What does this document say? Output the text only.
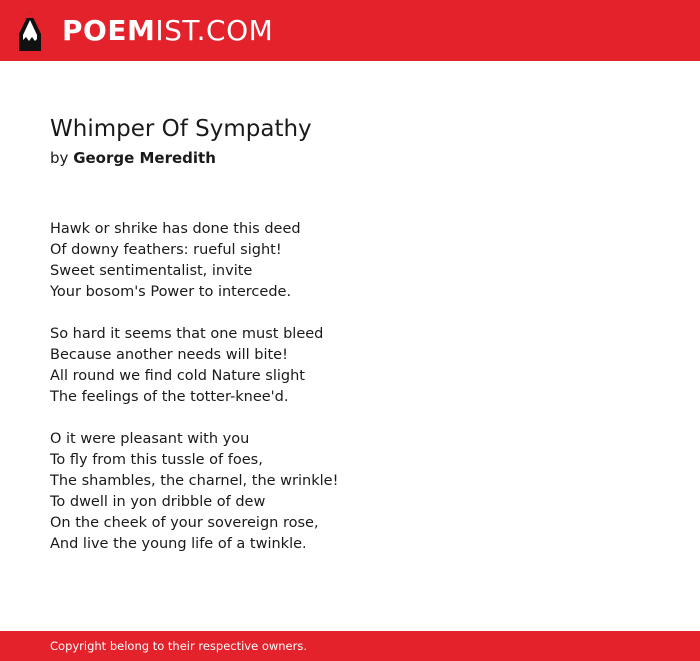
POEMIST.COM
Whimper Of Sympathy
by George Meredith

Hawk or shrike has done this deed
Of downy feathers: rueful sight!
Sweet sentimentalist, invite
Your bosom's Power to intercede.

So hard it seems that one must bleed
Because another needs will bite!
All round we find cold Nature slight
The feelings of the totter-knee'd.

O it were pleasant with you
To fly from this tussle of foes,
The shambles, the charnel, the wrinkle!
To dwell in yon dribble of dew
On the cheek of your sovereign rose,
And live the young life of a twinkle.

Copyright belong to their respective owners.
